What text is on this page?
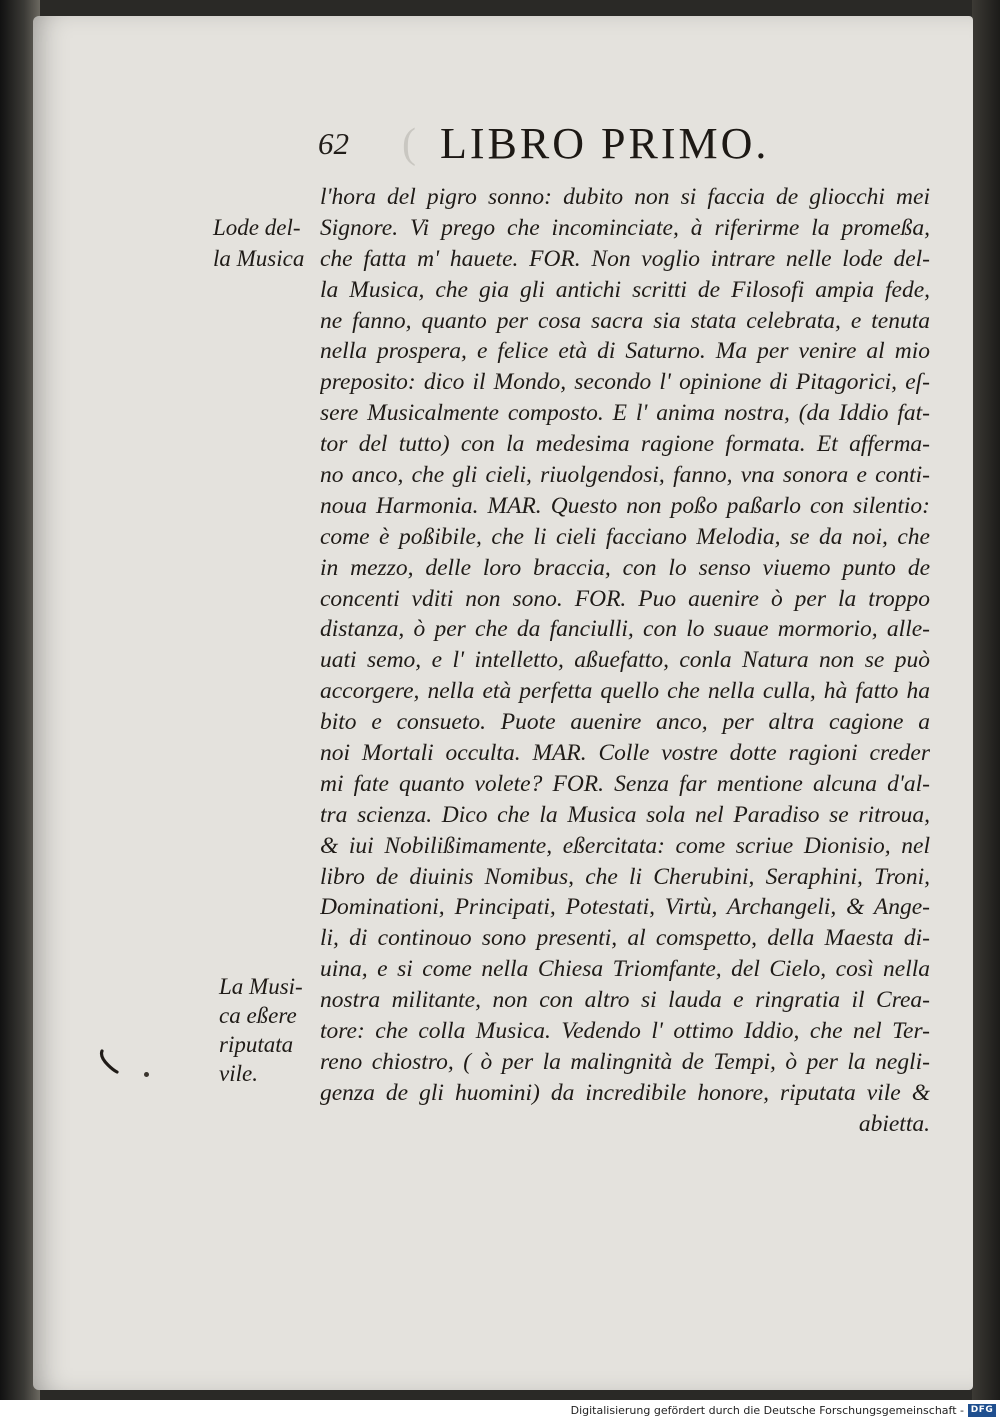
62 ( LIBRO PRIMO.
Lode del-
la Musica
La Musi-
ca eßere
riputata
vile.
l'hora del pigro sonno: dubito non si faccia de gliocchi mei
Signore. Vi prego che incominciate, à riferirme la promeßa,
che fatta m' hauete. FOR. Non voglio intrare nelle lode del-
la Musica, che gia gli antichi scritti de Filosofi ampia fede,
ne fanno, quanto per cosa sacra sia stata celebrata, e tenuta
nella prospera, e felice età di Saturno. Ma per venire al mio
preposito: dico il Mondo, secondo l' opinione di Pitagorici, eſ-
sere Musicalmente composto. E l' anima nostra, (da Iddio fat-
tor del tutto) con la medesima ragione formata. Et afferma-
no anco, che gli cieli, riuolgendosi, fanno, vna sonora e conti-
noua Harmonia. MAR. Questo non poßo paßarlo con silentio:
come è poßibile, che li cieli facciano Melodia, se da noi, che
in mezzo, delle loro braccia, con lo senso viuemo punto de
concenti vditi non sono. FOR. Puo auenire ò per la troppo
distanza, ò per che da fanciulli, con lo suaue mormorio, alle-
uati semo, e l' intelletto, aßuefatto, conla Natura non se può
accorgere, nella età perfetta quello che nella culla, hà fatto ha
bito e consueto. Puote auenire anco, per altra cagione a
noi Mortali occulta. MAR. Colle vostre dotte ragioni creder
mi fate quanto volete? FOR. Senza far mentione alcuna d'al-
tra scienza. Dico che la Musica sola nel Paradiso se ritroua,
& iui Nobilißimamente, eßercitata: come scriue Dionisio, nel
libro de diuinis Nomibus, che li Cherubini, Seraphini, Troni,
Dominationi, Principati, Potestati, Virtù, Archangeli, & Ange-
li, di continouo sono presenti, al comspetto, della Maesta di-
uina, e si come nella Chiesa Triomfante, del Cielo, così nella
nostra militante, non con altro si lauda e ringratia il Crea-
tore: che colla Musica. Vedendo l' ottimo Iddio, che nel Ter-
reno chiostro, ( ò per la malingnità de Tempi, ò per la negli-
genza de gli huomini) da incredibile honore, riputata vile &
abietta.
Digitalisierung gefördert durch die Deutsche Forschungsgemeinschaft - DFG
